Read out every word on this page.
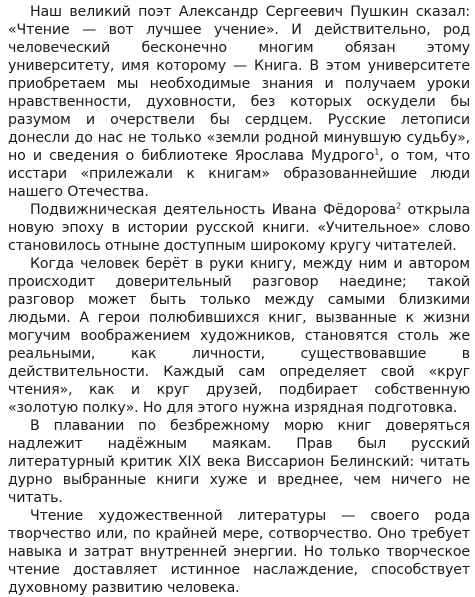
Наш великий поэт Александр Сергеевич Пушкин сказал: «Чтение — вот лучшее учение». И действительно, род человеческий бесконечно многим обязан этому университету, имя которому — Книга. В этом университете приобретаем мы необходимые знания и получаем уроки нравственности, духовности, без которых оскудели бы разумом и очерствели бы сердцем. Русские летописи донесли до нас не только «земли родной минувшую судьбу», но и сведения о библиотеке Ярослава Мудрого$^1$, о том, что исстари «прилежали к книгам» образованнейшие люди нашего Отечества.

Подвижническая деятельность Ивана Фёдорова$^2$ открыла новую эпоху в истории русской книги. «Учительное» слово становилось отныне доступным широкому кругу читателей.

Когда человек берёт в руки книгу, между ним и автором происходит доверительный разговор наедине; такой разговор может быть только между самыми близкими людьми. А герои полюбившихся книг, вызванные к жизни могучим воображением художников, становятся столь же реальными, как личности, существовавшие в действительности. Каждый сам определяет свой «круг чтения», как и круг друзей, подбирает собственную «золотую полку». Но для этого нужна изрядная подготовка.

В плавании по безбрежному морю книг доверяться надлежит надёжным маякам. Прав был русский литературный критик XIX века Виссарион Белинский: читать дурно выбранные книги хуже и вреднее, чем ничего не читать.

Чтение художественной литературы — своего рода творчество или, по крайней мере, сотворчество. Оно требует навыка и затрат внутренней энергии. Но только творческое чтение доставляет истинное наслаждение, способствует духовному развитию человека.
